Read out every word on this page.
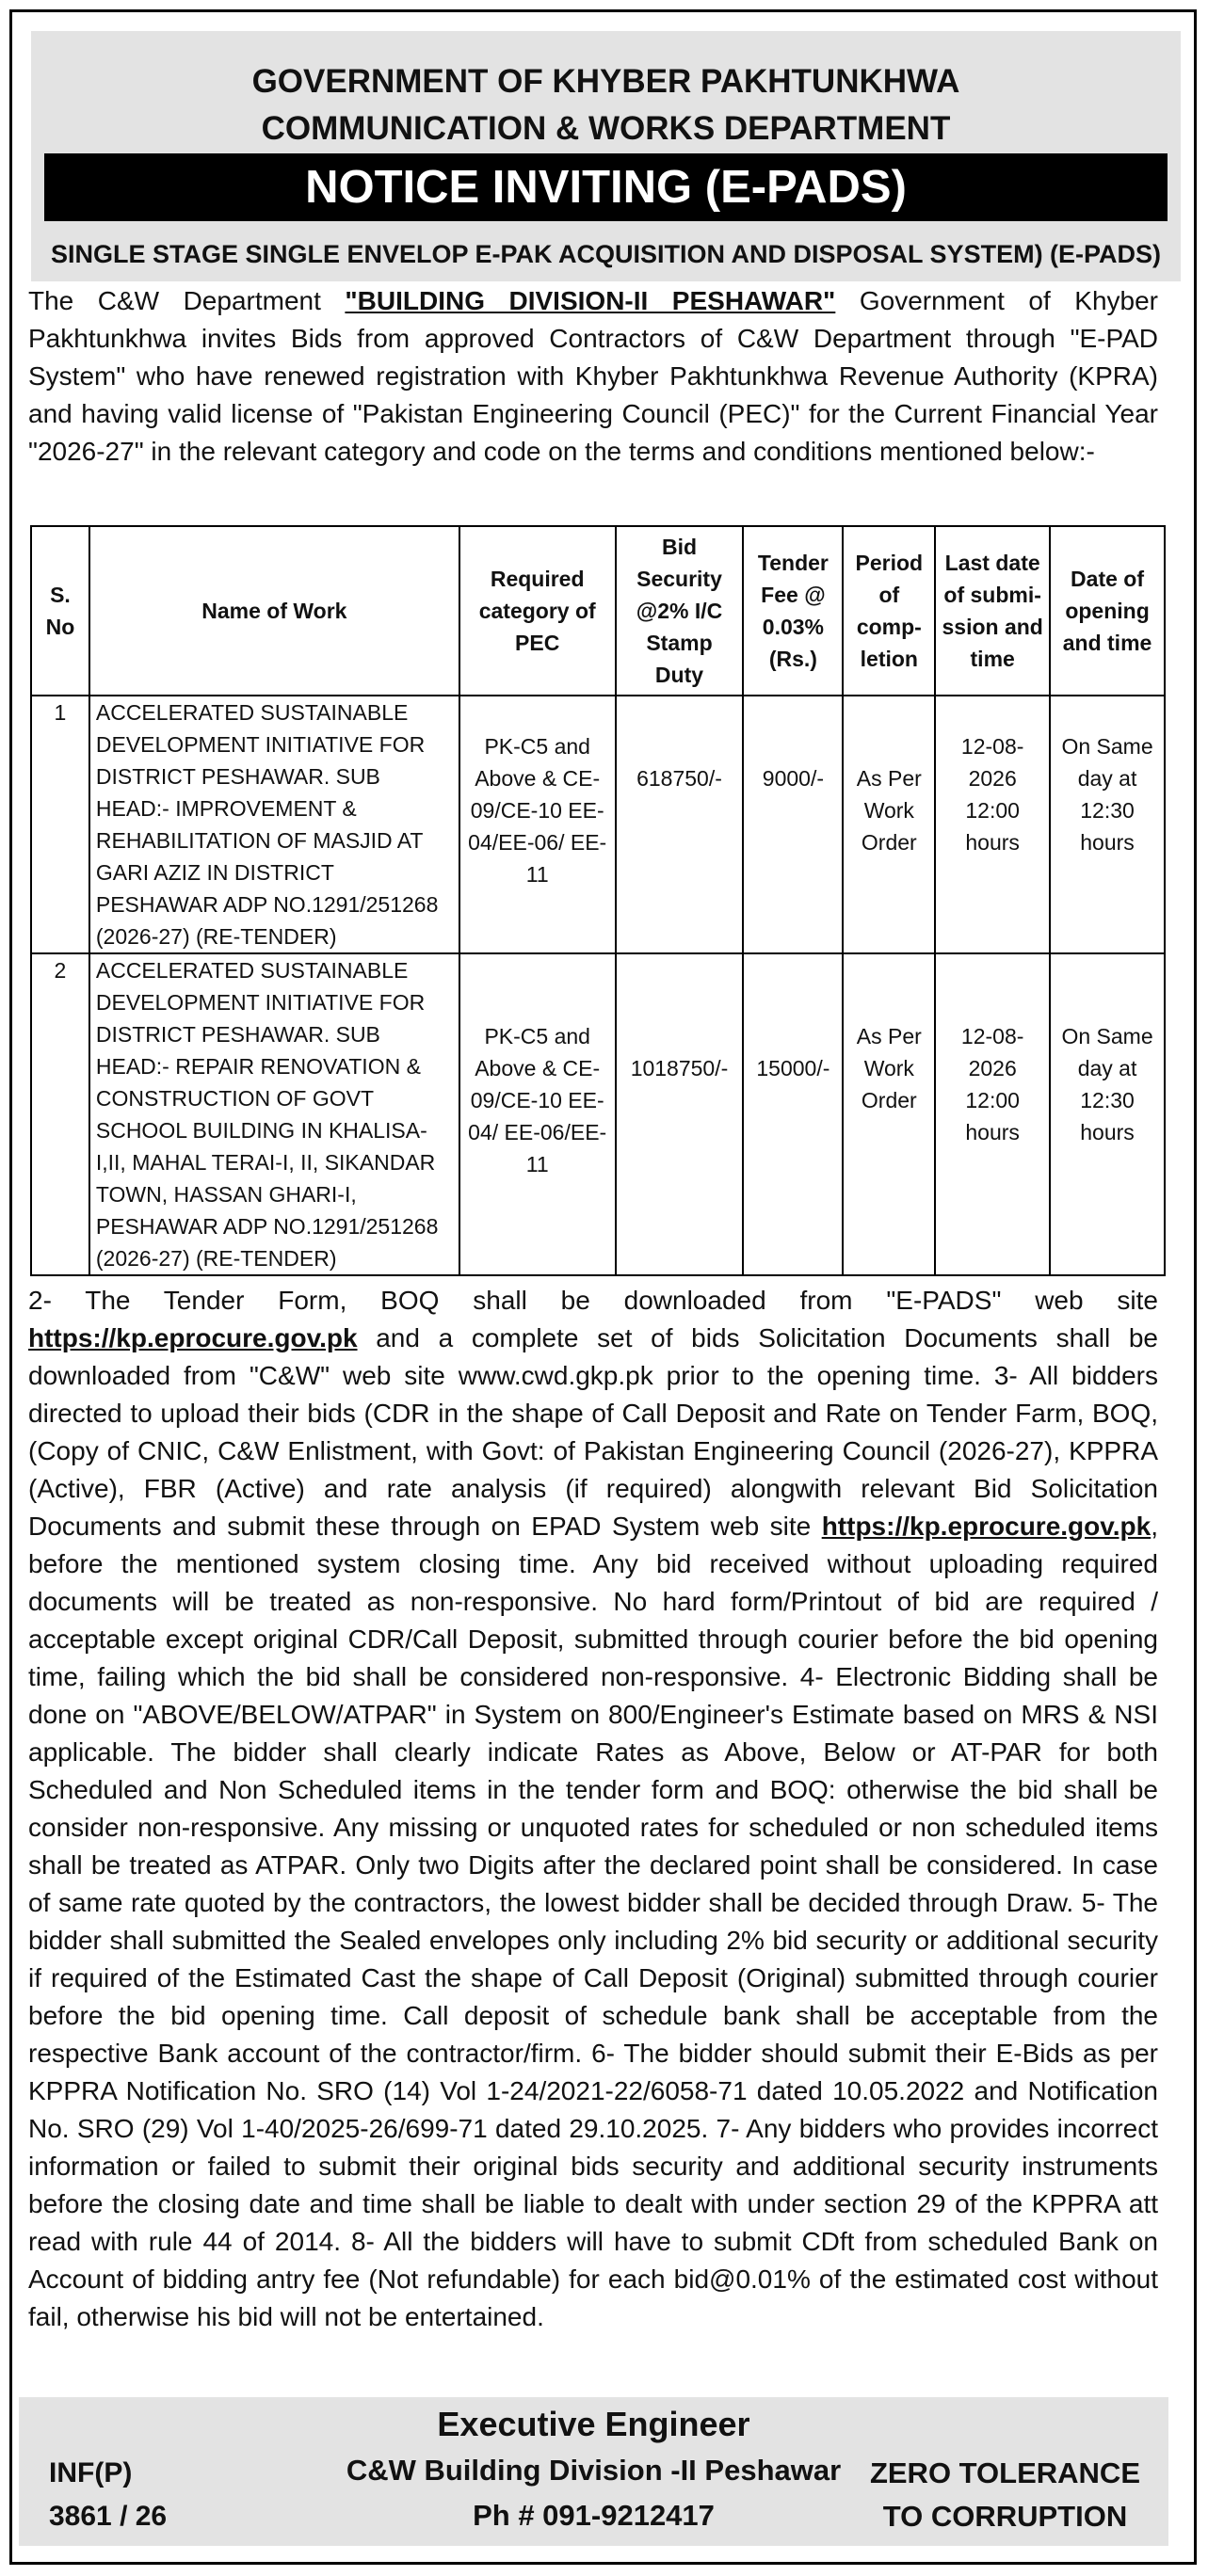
GOVERNMENT OF KHYBER PAKHTUNKHWA
COMMUNICATION & WORKS DEPARTMENT
NOTICE INVITING (E-PADS)
SINGLE STAGE SINGLE ENVELOP E-PAK ACQUISITION AND DISPOSAL SYSTEM) (E-PADS)
The C&W Department "BUILDING DIVISION-II PESHAWAR" Government of Khyber Pakhtunkhwa invites Bids from approved Contractors of C&W Department through "E-PAD System" who have renewed registration with Khyber Pakhtunkhwa Revenue Authority (KPRA) and having valid license of "Pakistan Engineering Council (PEC)" for the Current Financial Year "2026-27" in the relevant category and code on the terms and conditions mentioned below:-
S. No	Name of Work	Required category of PEC	Bid Security @2% I/C Stamp Duty	Tender Fee @ 0.03% (Rs.)	Period of comp-letion	Last date of submi-ssion and time	Date of opening and time
1	ACCELERATED SUSTAINABLE DEVELOPMENT INITIATIVE FOR DISTRICT PESHAWAR. SUB HEAD:- IMPROVEMENT & REHABILITATION OF MASJID AT GARI AZIZ IN DISTRICT PESHAWAR ADP NO.1291/251268 (2026-27) (RE-TENDER)	PK-C5 and Above & CE-09/CE-10 EE-04/EE-06/ EE-11	618750/-	9000/-	As Per Work Order	12-08-2026 12:00 hours	On Same day at 12:30 hours
2	ACCELERATED SUSTAINABLE DEVELOPMENT INITIATIVE FOR DISTRICT PESHAWAR. SUB HEAD:- REPAIR RENOVATION & CONSTRUCTION OF GOVT SCHOOL BUILDING IN KHALISA-I,II, MAHAL TERAI-I, II, SIKANDAR TOWN, HASSAN GHARI-I, PESHAWAR ADP NO.1291/251268 (2026-27) (RE-TENDER)	PK-C5 and Above & CE-09/CE-10 EE-04/ EE-06/EE-11	1018750/-	15000/-	As Per Work Order	12-08-2026 12:00 hours	On Same day at 12:30 hours
2- The Tender Form, BOQ shall be downloaded from "E-PADS" web site https://kp.eprocure.gov.pk and a complete set of bids Solicitation Documents shall be downloaded from "C&W" web site www.cwd.gkp.pk prior to the opening time. 3- All bidders directed to upload their bids (CDR in the shape of Call Deposit and Rate on Tender Farm, BOQ, (Copy of CNIC, C&W Enlistment, with Govt: of Pakistan Engineering Council (2026-27), KPPRA (Active), FBR (Active) and rate analysis (if required) alongwith relevant Bid Solicitation Documents and submit these through on EPAD System web site https://kp.eprocure.gov.pk, before the mentioned system closing time. Any bid received without uploading required documents will be treated as non-responsive. No hard form/Printout of bid are required / acceptable except original CDR/Call Deposit, submitted through courier before the bid opening time, failing which the bid shall be considered non-responsive. 4- Electronic Bidding shall be done on "ABOVE/BELOW/ATPAR" in System on 800/Engineer's Estimate based on MRS & NSI applicable. The bidder shall clearly indicate Rates as Above, Below or AT-PAR for both Scheduled and Non Scheduled items in the tender form and BOQ: otherwise the bid shall be consider non-responsive. Any missing or unquoted rates for scheduled or non scheduled items shall be treated as ATPAR. Only two Digits after the declared point shall be considered. In case of same rate quoted by the contractors, the lowest bidder shall be decided through Draw. 5- The bidder shall submitted the Sealed envelopes only including 2% bid security or additional security if required of the Estimated Cast the shape of Call Deposit (Original) submitted through courier before the bid opening time. Call deposit of schedule bank shall be acceptable from the respective Bank account of the contractor/firm. 6- The bidder should submit their E-Bids as per KPPRA Notification No. SRO (14) Vol 1-24/2021-22/6058-71 dated 10.05.2022 and Notification No. SRO (29) Vol 1-40/2025-26/699-71 dated 29.10.2025. 7- Any bidders who provides incorrect information or failed to submit their original bids security and additional security instruments before the closing date and time shall be liable to dealt with under section 29 of the KPPRA att read with rule 44 of 2014. 8- All the bidders will have to submit CDft from scheduled Bank on Account of bidding antry fee (Not refundable) for each bid@0.01% of the estimated cost without fail, otherwise his bid will not be entertained.
Executive Engineer
C&W Building Division -II Peshawar
Ph # 091-9212417
INF(P)
3861 / 26
ZERO TOLERANCE
TO CORRUPTION
